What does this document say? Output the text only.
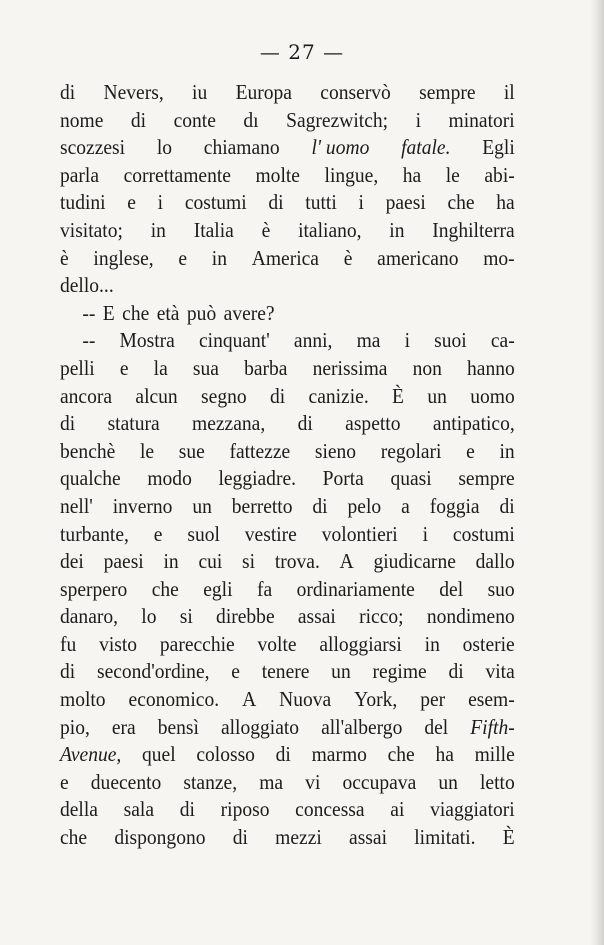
— 27 —
di Nevers, iu Europa conservò sempre il
nome di conte dı Sagrezwitch; i minatori
scozzesi lo chiamano l' uomo fatale. Egli
parla correttamente molte lingue, ha le abi-
tudini e i costumi di tutti i paesi che ha
visitato; in Italia è italiano, in Inghilterra
è inglese, e in America è americano mo-
dello...
-- E che età può avere?
-- Mostra cinquant' anni, ma i suoi ca-
pelli e la sua barba nerissima non hanno
ancora alcun segno di canizie. È un uomo
di statura mezzana, di aspetto antipatico,
benchè le sue fattezze sieno regolari e in
qualche modo leggiadre. Porta quasi sempre
nell' inverno un berretto di pelo a foggia di
turbante, e suol vestire volontieri i costumi
dei paesi in cui si trova. A giudicarne dallo
sperpero che egli fa ordinariamente del suo
danaro, lo si direbbe assai ricco; nondimeno
fu visto parecchie volte alloggiarsi in osterie
di second'ordine, e tenere un regime di vita
molto economico. A Nuova York, per esem-
pio, era bensì alloggiato all'albergo del Fifth-
Avenue, quel colosso di marmo che ha mille
e duecento stanze, ma vi occupava un letto
della sala di riposo concessa ai viaggiatori
che dispongono di mezzi assai limitati. È
